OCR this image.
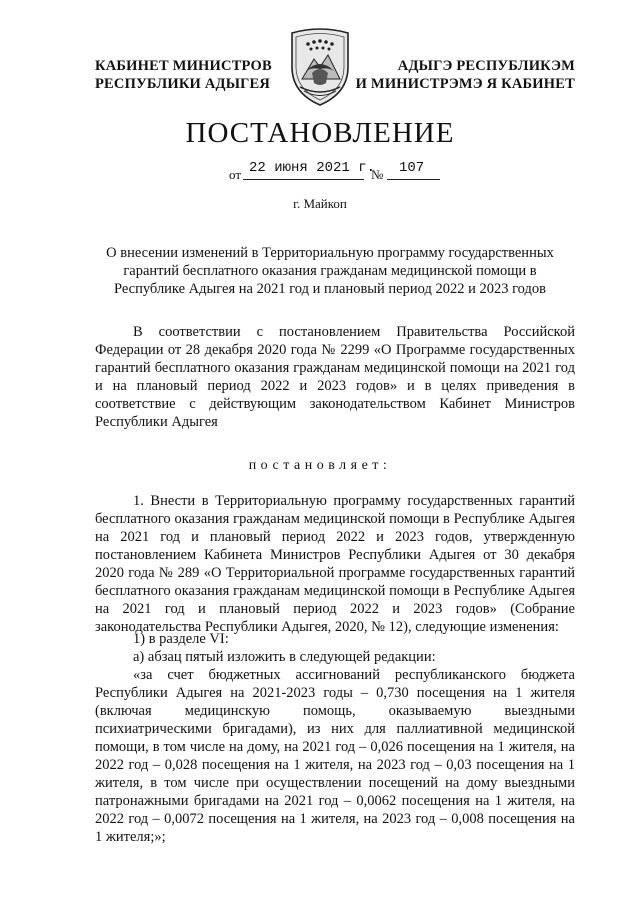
КАБИНЕТ МИНИСТРОВ
РЕСПУБЛИКИ АДЫГЕЯ
АДЫГЭ РЕСПУБЛИКЭМ
И МИНИСТРЭМЭ Я КАБИНЕТ
ПОСТАНОВЛЕНИЕ
от 22 июня 2021 г.
№ 107
г. Майкоп
О внесении изменений в Территориальную программу государственных гарантий бесплатного оказания гражданам медицинской помощи в Республике Адыгея на 2021 год и плановый период 2022 и 2023 годов
В соответствии с постановлением Правительства Российской Федерации от 28 декабря 2020 года № 2299 «О Программе государственных гарантий бесплатного оказания гражданам медицинской помощи на 2021 год и на плановый период 2022 и 2023 годов» и в целях приведения в соответствие с действующим законодательством Кабинет Министров Республики Адыгея
постановляет:
1. Внести в Территориальную программу государственных гарантий бесплатного оказания гражданам медицинской помощи в Республике Адыгея на 2021 год и плановый период 2022 и 2023 годов, утвержденную постановлением Кабинета Министров Республики Адыгея от 30 декабря 2020 года № 289 «О Территориальной программе государственных гарантий бесплатного оказания гражданам медицинской помощи в Республике Адыгея на 2021 год и плановый период 2022 и 2023 годов» (Собрание законодательства Республики Адыгея, 2020, № 12), следующие изменения:
1) в разделе VI:
а) абзац пятый изложить в следующей редакции:
«за счет бюджетных ассигнований республиканского бюджета Республики Адыгея на 2021-2023 годы – 0,730 посещения на 1 жителя (включая медицинскую помощь, оказываемую выездными психиатрическими бригадами), из них для паллиативной медицинской помощи, в том числе на дому, на 2021 год – 0,026 посещения на 1 жителя, на 2022 год – 0,028 посещения на 1 жителя, на 2023 год – 0,03 посещения на 1 жителя, в том числе при осуществлении посещений на дому выездными патронажными бригадами на 2021 год – 0,0062 посещения на 1 жителя, на 2022 год – 0,0072 посещения на 1 жителя, на 2023 год – 0,008 посещения на 1 жителя;»;
